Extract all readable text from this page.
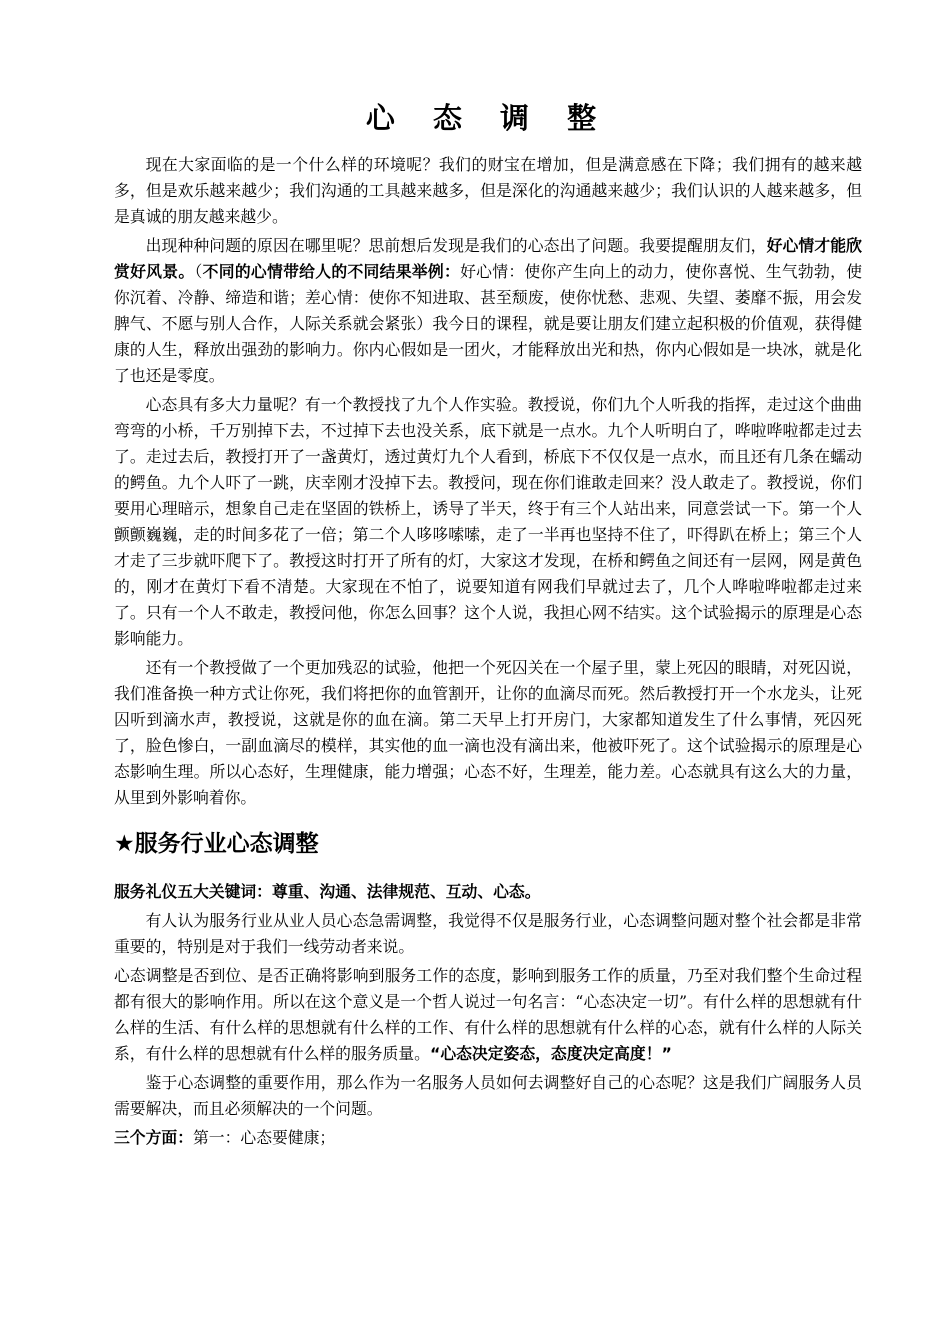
心 态 调 整

现在大家面临的是一个什么样的环境呢？我们的财宝在增加，但是满意感在下降；我们拥有的越来越多，但是欢乐越来越少；我们沟通的工具越来越多，但是深化的沟通越来越少；我们认识的人越来越多，但是真诚的朋友越来越少。

出现种种问题的原因在哪里呢？思前想后发现是我们的心态出了问题。我要提醒朋友们，好心情才能欣赏好风景。（不同的心情带给人的不同结果举例：好心情：使你产生向上的动力，使你喜悦、生气勃勃，使你沉着、冷静、缔造和谐；差心情：使你不知进取、甚至颓废，使你忧愁、悲观、失望、萎靡不振，用会发脾气、不愿与别人合作，人际关系就会紧张）我今日的课程，就是要让朋友们建立起积极的价值观，获得健康的人生，释放出强劲的影响力。你内心假如是一团火，才能释放出光和热，你内心假如是一块冰，就是化了也还是零度。

心态具有多大力量呢？有一个教授找了九个人作实验。教授说，你们九个人听我的指挥，走过这个曲曲弯弯的小桥，千万别掉下去，不过掉下去也没关系，底下就是一点水。九个人听明白了，哗啦哗啦都走过去了。走过去后，教授打开了一盏黄灯，透过黄灯九个人看到，桥底下不仅仅是一点水，而且还有几条在蠕动的鳄鱼。九个人吓了一跳，庆幸刚才没掉下去。教授问，现在你们谁敢走回来？没人敢走了。教授说，你们要用心理暗示，想象自己走在坚固的铁桥上，诱导了半天，终于有三个人站出来，同意尝试一下。第一个人颤颤巍巍，走的时间多花了一倍；第二个人哆哆嗦嗦，走了一半再也坚持不住了，吓得趴在桥上；第三个人才走了三步就吓爬下了。教授这时打开了所有的灯，大家这才发现，在桥和鳄鱼之间还有一层网，网是黄色的，刚才在黄灯下看不清楚。大家现在不怕了，说要知道有网我们早就过去了，几个人哗啦哗啦都走过来了。只有一个人不敢走，教授问他，你怎么回事？这个人说，我担心网不结实。这个试验揭示的原理是心态影响能力。

还有一个教授做了一个更加残忍的试验，他把一个死囚关在一个屋子里，蒙上死囚的眼睛，对死囚说，我们准备换一种方式让你死，我们将把你的血管割开，让你的血滴尽而死。然后教授打开一个水龙头，让死囚听到滴水声，教授说，这就是你的血在滴。第二天早上打开房门，大家都知道发生了什么事情，死囚死了，脸色惨白，一副血滴尽的模样，其实他的血一滴也没有滴出来，他被吓死了。这个试验揭示的原理是心态影响生理。所以心态好，生理健康，能力增强；心态不好，生理差，能力差。心态就具有这么大的力量，从里到外影响着你。

★服务行业心态调整

服务礼仪五大关键词：尊重、沟通、法律规范、互动、心态。

有人认为服务行业从业人员心态急需调整，我觉得不仅是服务行业，心态调整问题对整个社会都是非常重要的，特别是对于我们一线劳动者来说。

心态调整是否到位、是否正确将影响到服务工作的态度，影响到服务工作的质量，乃至对我们整个生命过程都有很大的影响作用。所以在这个意义是一个哲人说过一句名言：“心态决定一切”。有什么样的思想就有什么样的生活、有什么样的思想就有什么样的工作、有什么样的思想就有什么样的心态，就有什么样的人际关系，有什么样的思想就有什么样的服务质量。“心态决定姿态，态度决定高度！”

鉴于心态调整的重要作用，那么作为一名服务人员如何去调整好自己的心态呢？这是我们广阔服务人员需要解决，而且必须解决的一个问题。

三个方面：第一：心态要健康；
